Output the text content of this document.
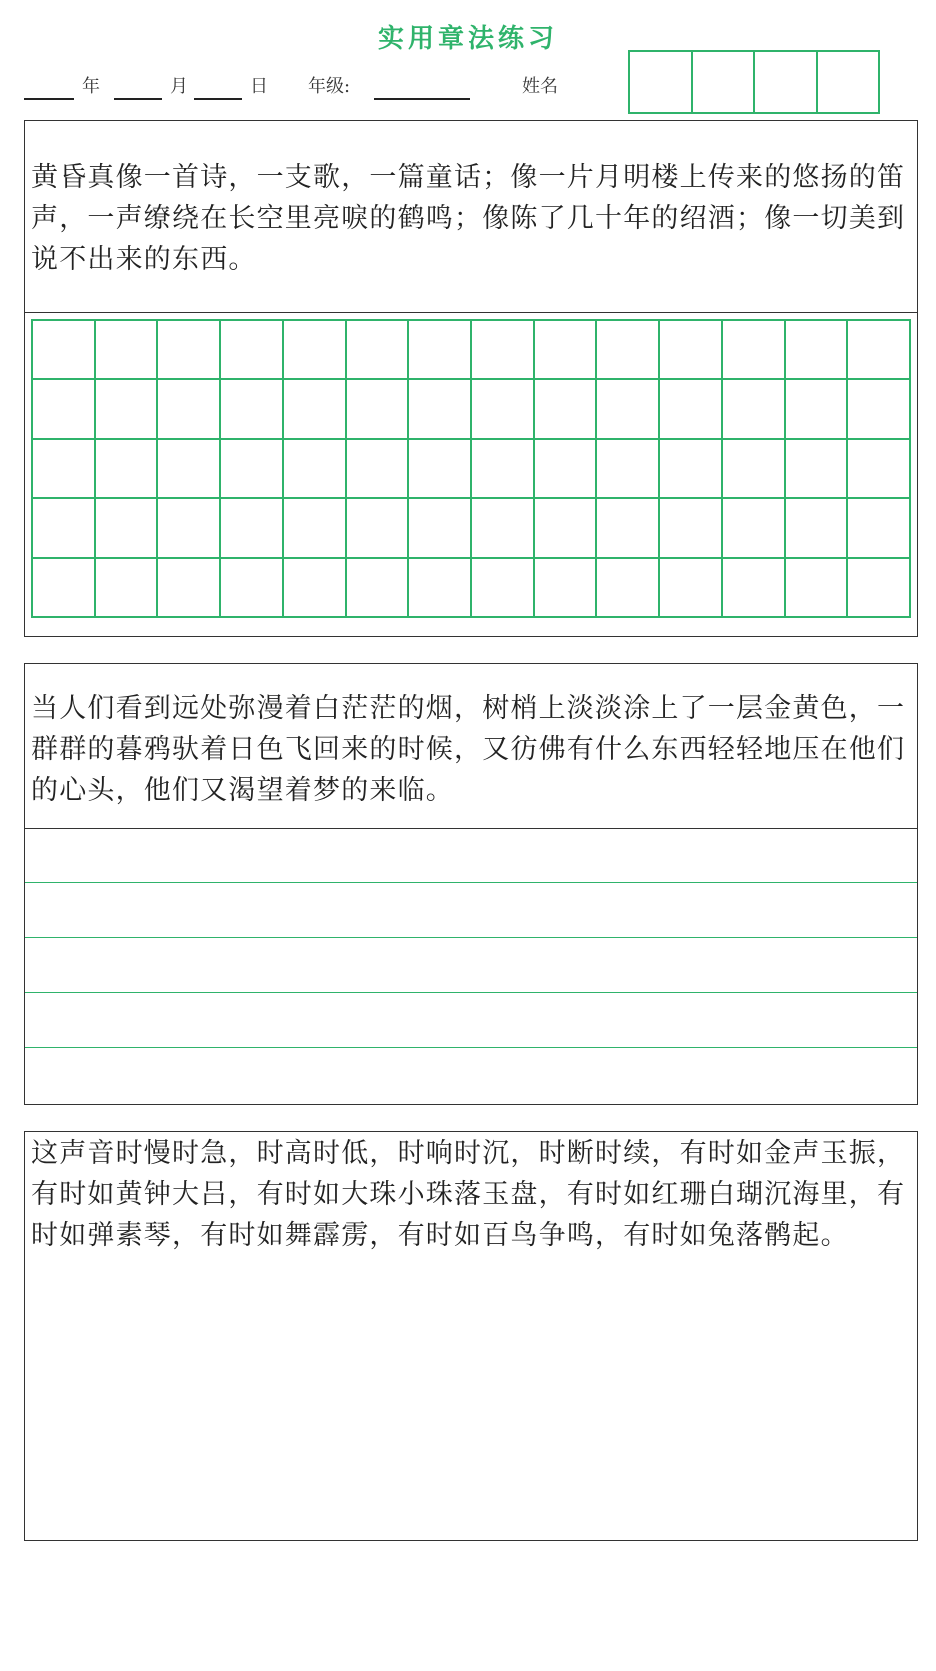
实用章法练习
年	月	日 年级:	姓名
黄昏真像一首诗，一支歌，一篇童话；像一片月明楼上传来的悠扬的笛声，一声缭绕在长空里亮唳的鹤鸣；像陈了几十年的绍酒；像一切美到说不出来的东西。
当人们看到远处弥漫着白茫茫的烟，树梢上淡淡涂上了一层金黄色，一群群的暮鸦驮着日色飞回来的时候，又彷佛有什么东西轻轻地压在他们的心头，他们又渴望着梦的来临。
这声音时慢时急，时高时低，时响时沉，时断时续，有时如金声玉振，有时如黄钟大吕，有时如大珠小珠落玉盘，有时如红珊白瑚沉海里，有时如弹素琴，有时如舞霹雳，有时如百鸟争鸣，有时如兔落鹘起。
